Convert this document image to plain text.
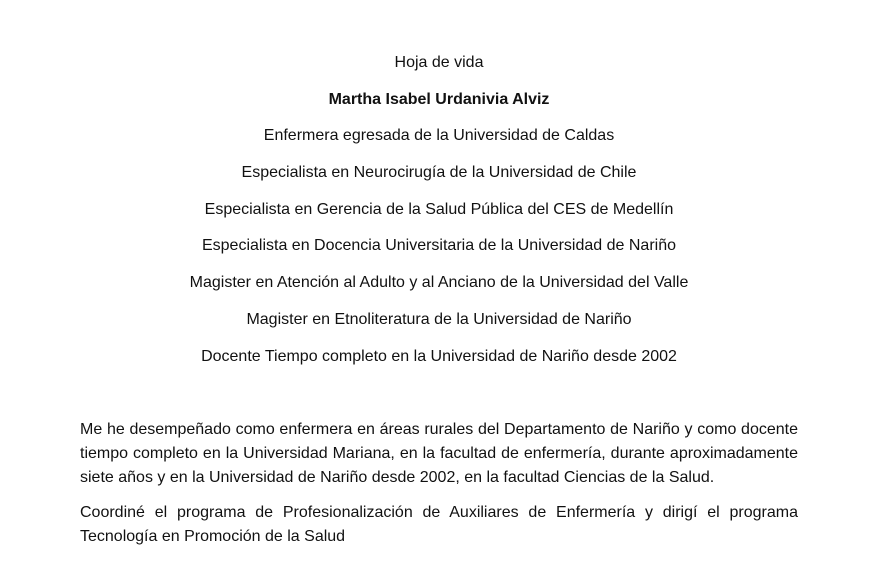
Hoja de vida
Martha Isabel Urdanivia Alviz
Enfermera egresada de la Universidad de Caldas
Especialista en Neurocirugía de la Universidad de Chile
Especialista en Gerencia de la Salud Pública del CES de Medellín
Especialista en Docencia Universitaria de la Universidad de Nariño
Magister en Atención al Adulto y al Anciano de la Universidad del Valle
Magister en Etnoliteratura de la Universidad de Nariño
Docente Tiempo completo en la Universidad de Nariño desde 2002

Me he desempeñado como enfermera en áreas rurales del Departamento de Nariño y como docente tiempo completo en la Universidad Mariana, en la facultad de enfermería, durante aproximadamente siete años y en la Universidad de Nariño desde 2002, en la facultad Ciencias de la Salud.

Coordiné el programa de Profesionalización de Auxiliares de Enfermería y dirigí el programa Tecnología en Promoción de la Salud
